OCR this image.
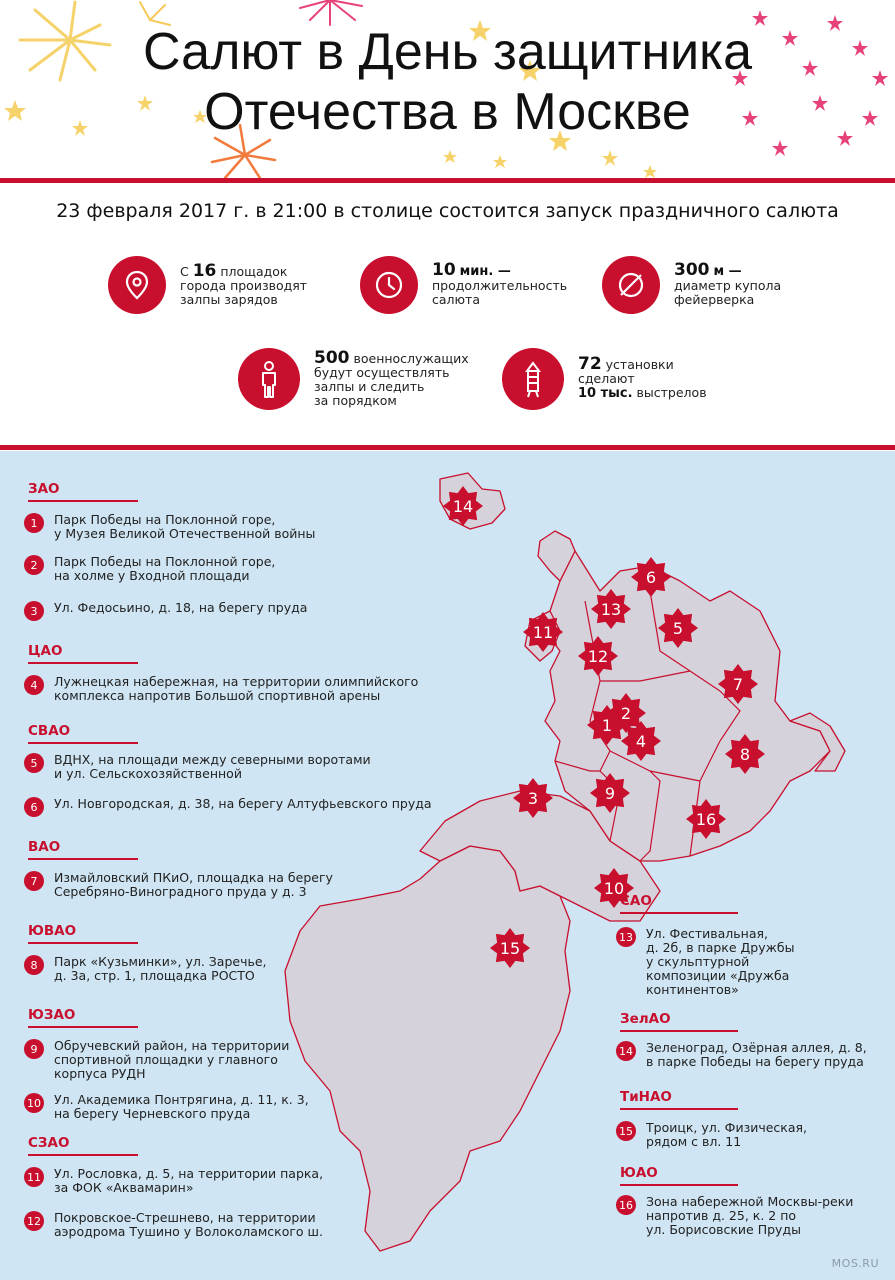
Салют в День защитника
Отечества в Москве
23 февраля 2017 г. в 21:00 в столице состоится запуск праздничного салюта
С 16 площадок
города производят
залпы зарядов
10 мин. —
продолжительность
салюта
300 м —
диаметр купола
фейерверка
500 военнослужащих
будут осуществлять
залпы и следить
за порядком
72 установки
сделают
10 тыс. выстрелов
1
2
3
4
5
6
7
8
9
10
11
12
13
14
15
16
MOS.RU
ЗАО
1	Парк Победы на Поклонной горе,
у Музея Великой Отечественной войны
2	Парк Победы на Поклонной горе,
на холме у Входной площади
3	Ул. Федосьино, д. 18, на берегу пруда
ЦАО
4	Лужнецкая набережная, на территории олимпийского
комплекса напротив Большой спортивной арены
СВАО
5	ВДНХ, на площади между северными воротами
и ул. Сельскохозяйственной
6	Ул. Новгородская, д. 38, на берегу Алтуфьевского пруда
ВАО
7	Измайловский ПКиО, площадка на берегу
Серебряно-Виноградного пруда у д. 3
ЮВАО
8	Парк «Кузьминки», ул. Заречье,
д. 3а, стр. 1, площадка РОСТО
ЮЗАО
9	Обручевский район, на территории
спортивной площадки у главного
корпуса РУДН
10 Ул. Академика Понтрягина, д. 11, к. 3,
на берегу Черневского пруда
СЗАО
11 Ул. Рословка, д. 5, на территории парка,
за ФОК «Аквамарин»
12 Покровское-Стрешнево, на территории
аэродрома Тушино у Волоколамского ш.
САО
13 Ул. Фестивальная,
д. 2б, в парке Дружбы
у скульптурной
композиции «Дружба
континентов»
ЗелАО
14 Зеленоград, Озёрная аллея, д. 8,
в парке Победы на берегу пруда
ТиНАО
15 Троицк, ул. Физическая,
рядом с вл. 11
ЮАО
16 Зона набережной Москвы-реки
напротив д. 25, к. 2 по
ул. Борисовские Пруды
